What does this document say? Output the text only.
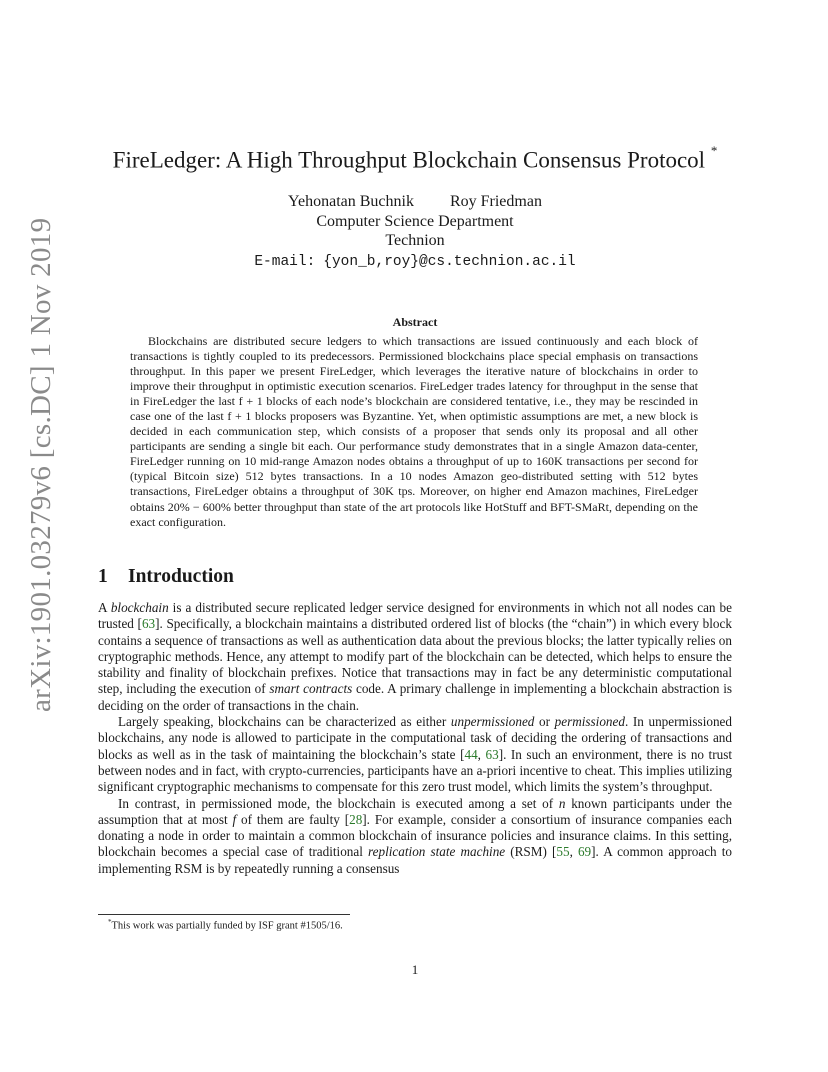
arXiv:1901.03279v6 [cs.DC] 1 Nov 2019
FireLedger: A High Throughput Blockchain Consensus Protocol *
Yehonatan Buchnik Roy Friedman
Computer Science Department
Technion
E-mail: {yon_b,roy}@cs.technion.ac.il
Abstract

Blockchains are distributed secure ledgers to which transactions are issued continuously and each block of transactions is tightly coupled to its predecessors. Permissioned blockchains place special emphasis on transactions throughput. In this paper we present FireLedger, which leverages the iterative nature of blockchains in order to improve their throughput in optimistic execution scenarios. FireLedger trades latency for throughput in the sense that in FireLedger the last f + 1 blocks of each node’s blockchain are considered tentative, i.e., they may be rescinded in case one of the last f + 1 blocks proposers was Byzantine. Yet, when optimistic assumptions are met, a new block is decided in each communication step, which consists of a proposer that sends only its proposal and all other participants are sending a single bit each. Our performance study demonstrates that in a single Amazon data-center, FireLedger running on 10 mid-range Amazon nodes obtains a throughput of up to 160K transactions per second for (typical Bitcoin size) 512 bytes transactions. In a 10 nodes Amazon geo-distributed setting with 512 bytes transactions, FireLedger obtains a throughput of 30K tps. Moreover, on higher end Amazon machines, FireLedger obtains 20% − 600% better throughput than state of the art protocols like HotStuff and BFT-SMaRt, depending on the exact configuration.

1 Introduction

A blockchain is a distributed secure replicated ledger service designed for environments in which not all nodes can be trusted [63]. Specifically, a blockchain maintains a distributed ordered list of blocks (the “chain”) in which every block contains a sequence of transactions as well as authentication data about the previous blocks; the latter typically relies on cryptographic methods. Hence, any attempt to modify part of the blockchain can be detected, which helps to ensure the stability and finality of blockchain prefixes. Notice that transactions may in fact be any deterministic computational step, including the execution of smart contracts code. A primary challenge in implementing a blockchain abstraction is deciding on the order of transactions in the chain.

Largely speaking, blockchains can be characterized as either unpermissioned or permissioned. In unpermissioned blockchains, any node is allowed to participate in the computational task of deciding the ordering of transactions and blocks as well as in the task of maintaining the blockchain’s state [44, 63]. In such an environment, there is no trust between nodes and in fact, with crypto-currencies, participants have an a-priori incentive to cheat. This implies utilizing significant cryptographic mechanisms to compensate for this zero trust model, which limits the system’s throughput.

In contrast, in permissioned mode, the blockchain is executed among a set of n known participants under the assumption that at most f of them are faulty [28]. For example, consider a consortium of insurance companies each donating a node in order to maintain a common blockchain of insurance policies and insurance claims. In this setting, blockchain becomes a special case of traditional replication state machine (RSM) [55, 69]. A common approach to implementing RSM is by repeatedly running a consensus

*This work was partially funded by ISF grant #1505/16.
1
